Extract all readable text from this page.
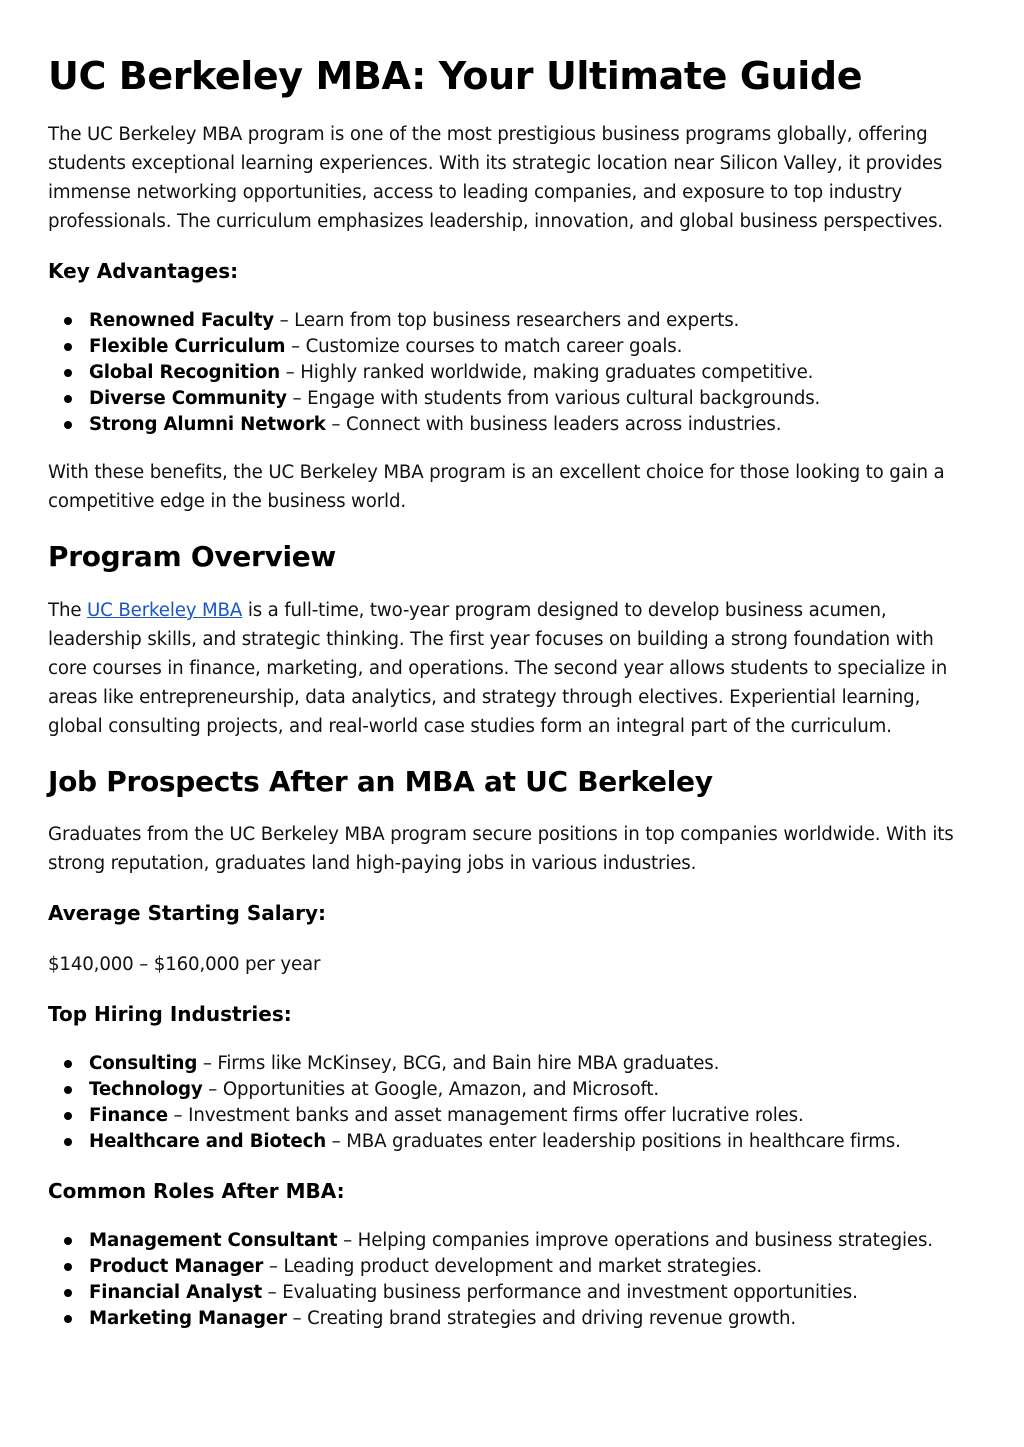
UC Berkeley MBA: Your Ultimate Guide

The UC Berkeley MBA program is one of the most prestigious business programs globally, offering students exceptional learning experiences. With its strategic location near Silicon Valley, it provides immense networking opportunities, access to leading companies, and exposure to top industry professionals. The curriculum emphasizes leadership, innovation, and global business perspectives.

Key Advantages:
Renowned Faculty – Learn from top business researchers and experts.
Flexible Curriculum – Customize courses to match career goals.
Global Recognition – Highly ranked worldwide, making graduates competitive.
Diverse Community – Engage with students from various cultural backgrounds.
Strong Alumni Network – Connect with business leaders across industries.

With these benefits, the UC Berkeley MBA program is an excellent choice for those looking to gain a competitive edge in the business world.

Program Overview

The UC Berkeley MBA is a full-time, two-year program designed to develop business acumen, leadership skills, and strategic thinking. The first year focuses on building a strong foundation with core courses in finance, marketing, and operations. The second year allows students to specialize in areas like entrepreneurship, data analytics, and strategy through electives. Experiential learning, global consulting projects, and real-world case studies form an integral part of the curriculum.

Job Prospects After an MBA at UC Berkeley

Graduates from the UC Berkeley MBA program secure positions in top companies worldwide. With its strong reputation, graduates land high-paying jobs in various industries.

Average Starting Salary:

$140,000 – $160,000 per year

Top Hiring Industries:
Consulting – Firms like McKinsey, BCG, and Bain hire MBA graduates.
Technology – Opportunities at Google, Amazon, and Microsoft.
Finance – Investment banks and asset management firms offer lucrative roles.
Healthcare and Biotech – MBA graduates enter leadership positions in healthcare firms.
Common Roles After MBA:
Management Consultant – Helping companies improve operations and business strategies.
Product Manager – Leading product development and market strategies.
Financial Analyst – Evaluating business performance and investment opportunities.
Marketing Manager – Creating brand strategies and driving revenue growth.
